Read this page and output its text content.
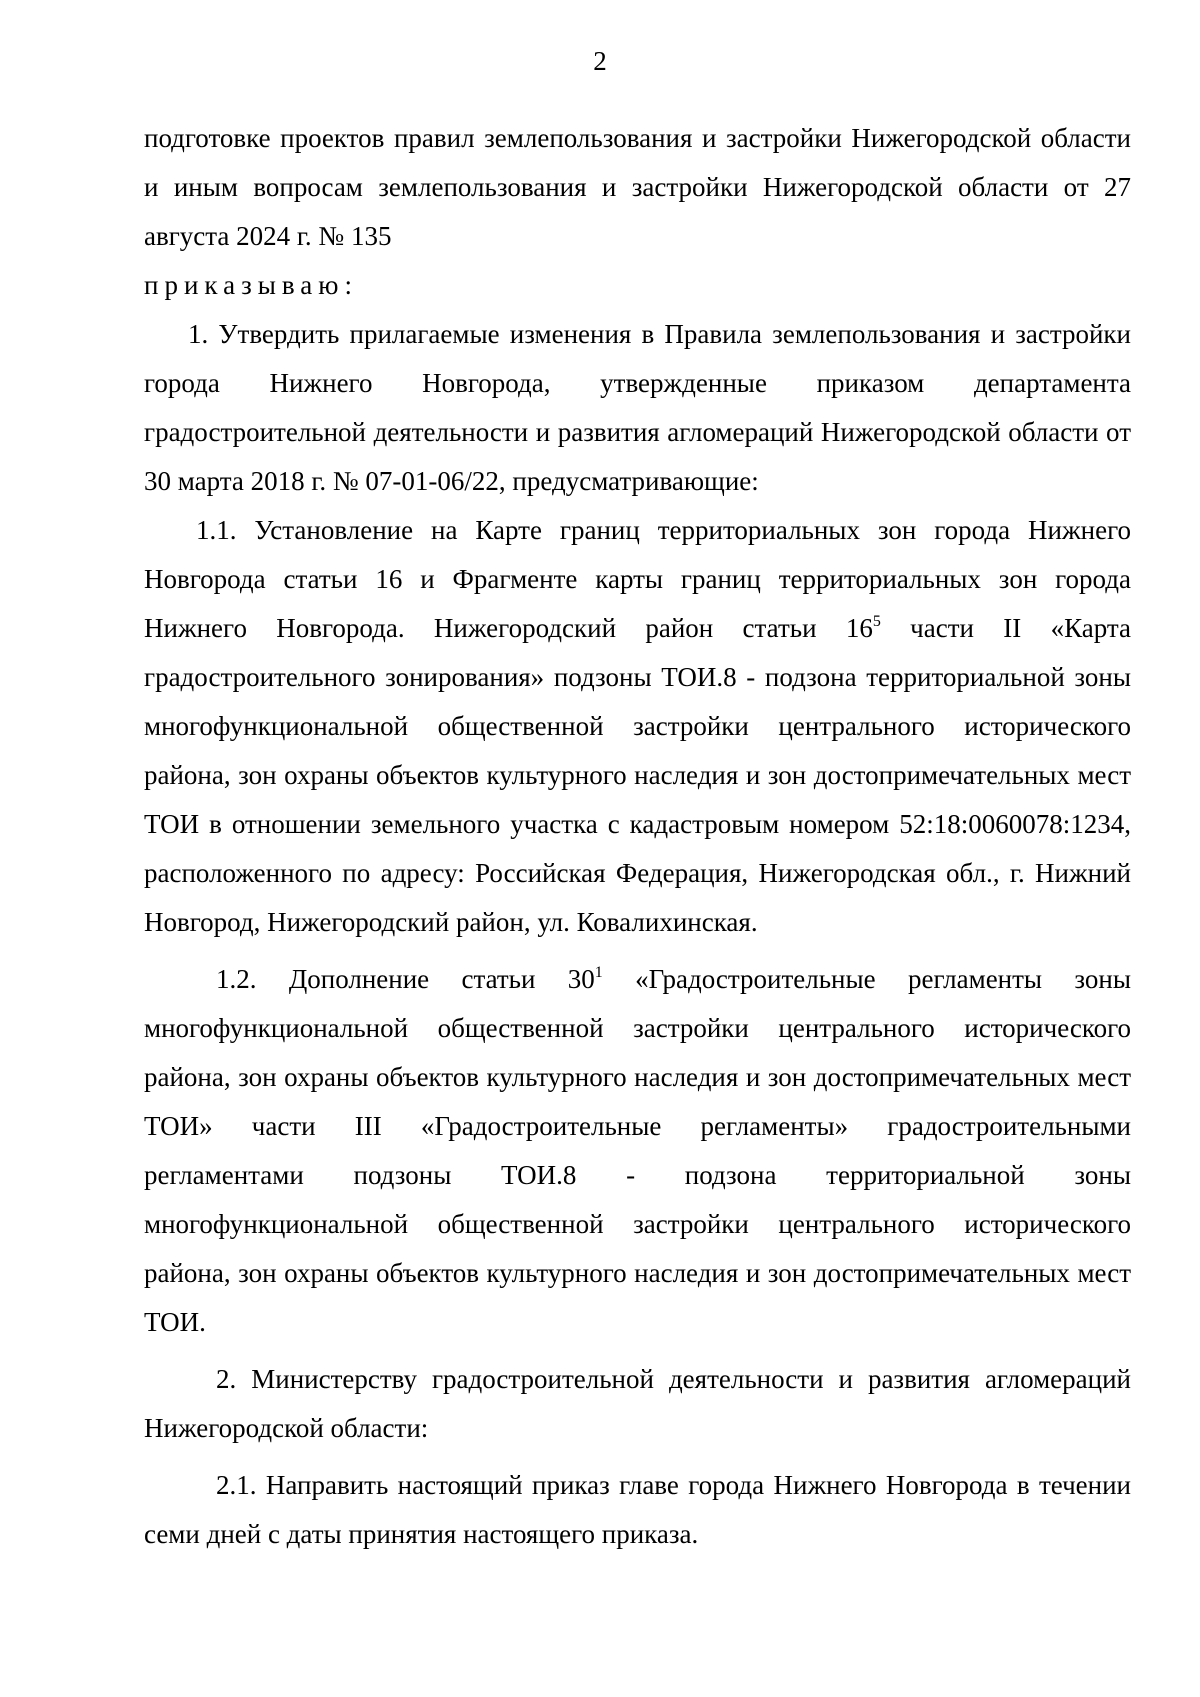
2

подготовке проектов правил землепользования и застройки Нижегородской области и иным вопросам землепользования и застройки Нижегородской области от 27 августа 2024 г. № 135

приказываю:

1. Утвердить прилагаемые изменения в Правила землепользования и застройки города Нижнего Новгорода, утвержденные приказом департамента градостроительной деятельности и развития агломераций Нижегородской области от 30 марта 2018 г. № 07-01-06/22, предусматривающие:

1.1. Установление на Карте границ территориальных зон города Нижнего Новгорода статьи 16 и Фрагменте карты границ территориальных зон города Нижнего Новгорода. Нижегородский район статьи $16^5$ части II «Карта градостроительного зонирования» подзоны ТОИ.8 - подзона территориальной зоны многофункциональной общественной застройки центрального исторического района, зон охраны объектов культурного наследия и зон достопримечательных мест ТОИ в отношении земельного участка с кадастровым номером 52:18:0060078:1234, расположенного по адресу: Российская Федерация, Нижегородская обл., г. Нижний Новгород, Нижегородский район, ул. Ковалихинская.

1.2. Дополнение статьи $30^1$ «Градостроительные регламенты зоны многофункциональной общественной застройки центрального исторического района, зон охраны объектов культурного наследия и зон достопримечательных мест ТОИ» части III «Градостроительные регламенты» градостроительными регламентами подзоны ТОИ.8 - подзона территориальной зоны многофункциональной общественной застройки центрального исторического района, зон охраны объектов культурного наследия и зон достопримечательных мест ТОИ.

2. Министерству градостроительной деятельности и развития агломераций Нижегородской области:

2.1. Направить настоящий приказ главе города Нижнего Новгорода в течении семи дней с даты принятия настоящего приказа.
